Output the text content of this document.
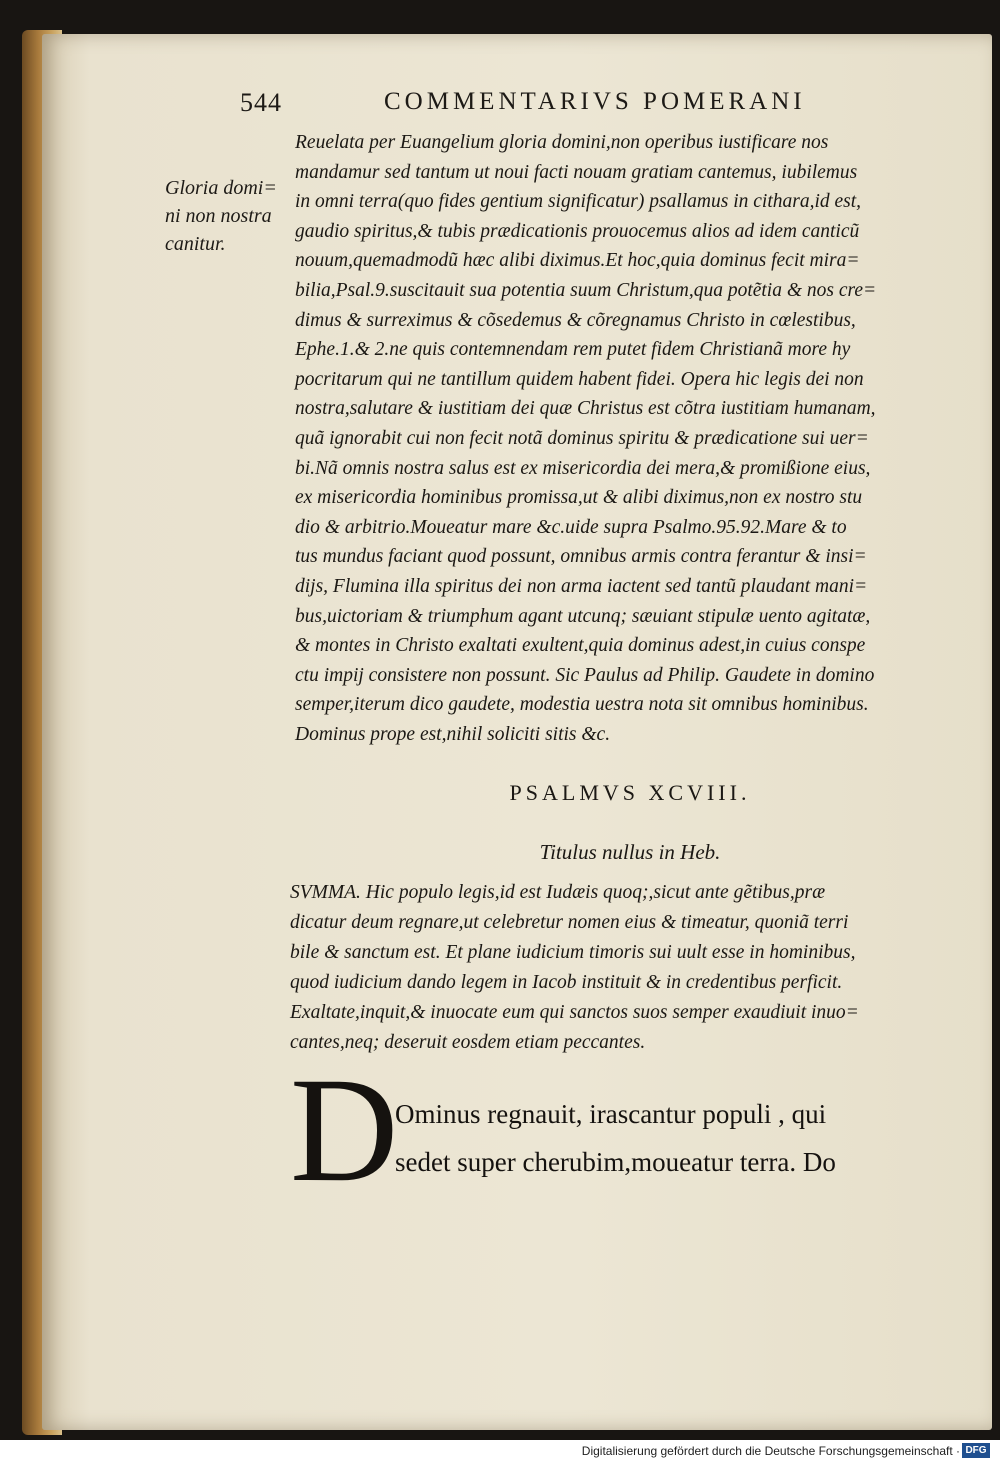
544	COMMENTARIVS POMERANI
Gloria domi=
ni non nostra
canitur.
Reuelata per Euangelium gloria domini,non operibus iustificare nos
mandamur sed tantum ut noui facti nouam gratiam cantemus, iubilemus
in omni terra(quo fides gentium significatur) psallamus in cithara,id est,
gaudio spiritus,& tubis prædicationis prouocemus alios ad idem canticũ
nouum,quemadmodũ hæc alibi diximus.Et hoc,quia dominus fecit mira=
bilia,Psal.9.suscitauit sua potentia suum Christum,qua potẽtia & nos cre=
dimus & surreximus & cõsedemus & cõregnamus Christo in cœlestibus,
Ephe.1.& 2.ne quis contemnendam rem putet fidem Christianã more hy
pocritarum qui ne tantillum quidem habent fidei. Opera hic legis dei non
nostra,salutare & iustitiam dei quæ Christus est cõtra iustitiam humanam,
quã ignorabit cui non fecit notã dominus spiritu & prædicatione sui uer=
bi.Nã omnis nostra salus est ex misericordia dei mera,& promißione eius,
ex misericordia hominibus promissa,ut & alibi diximus,non ex nostro stu
dio & arbitrio.Moueatur mare &c.uide supra Psalmo.95.92.Mare & to
tus mundus faciant quod possunt, omnibus armis contra ferantur & insi=
dijs, Flumina illa spiritus dei non arma iactent sed tantũ plaudant mani=
bus,uictoriam & triumphum agant utcunq; sæuiant stipulæ uento agitatæ,
& montes in Christo exaltati exultent,quia dominus adest,in cuius conspe
ctu impij consistere non possunt. Sic Paulus ad Philip. Gaudete in domino
semper,iterum dico gaudete, modestia uestra nota sit omnibus hominibus.
Dominus prope est,nihil soliciti sitis &c.
PSALMVS XCVIII.
Titulus nullus in Heb.
SVMMA. Hic populo legis,id est Iudæis quoq;,sicut ante gẽtibus,præ
dicatur deum regnare,ut celebretur nomen eius & timeatur, quoniã terri
bile & sanctum est. Et plane iudicium timoris sui uult esse in hominibus,
quod iudicium dando legem in Iacob instituit & in credentibus perficit.
Exaltate,inquit,& inuocate eum qui sanctos suos semper exaudiuit inuo=
cantes,neq; deseruit eosdem etiam peccantes.
D
Ominus regnauit, irascantur populi , qui
sedet super cherubim,moueatur terra. Do
Digitalisierung gefördert durch die Deutsche Forschungsgemeinschaft · DFG
